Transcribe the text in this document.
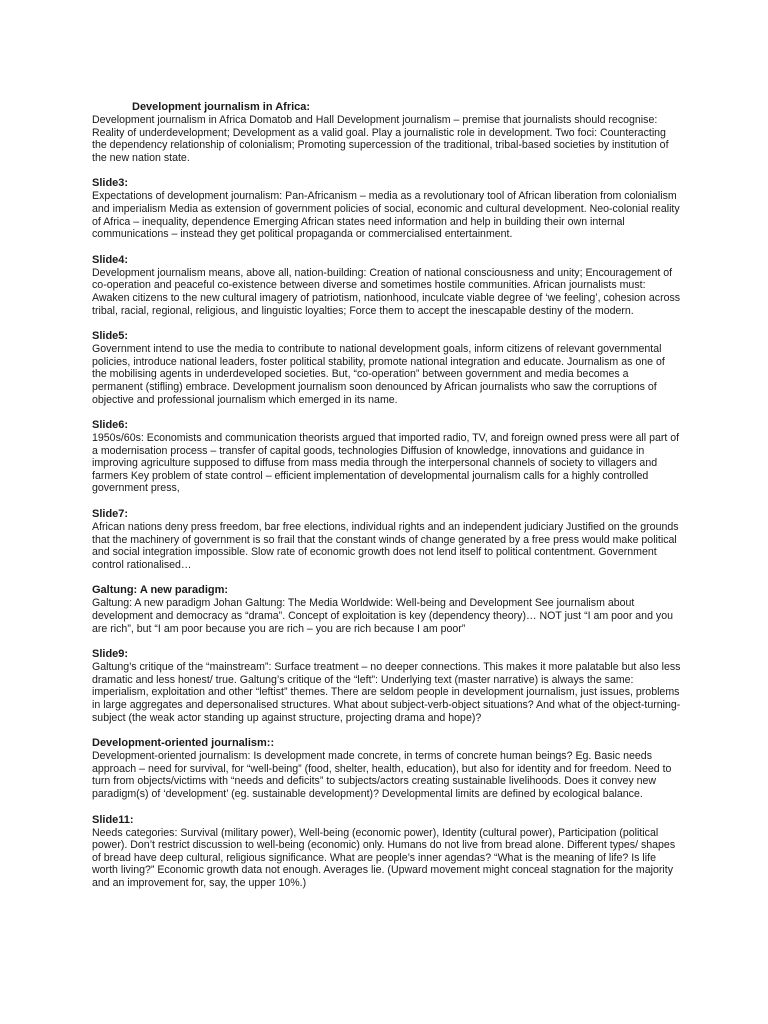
Development journalism in Africa:

Development journalism in Africa Domatob and Hall Development journalism – premise that journalists should recognise: Reality of underdevelopment; Development as a valid goal. Play a journalistic role in development. Two foci: Counteracting the dependency relationship of colonialism; Promoting supercession of the traditional, tribal-based societies by institution of the new nation state.

Slide3:

Expectations of development journalism: Pan-Africanism – media as a revolutionary tool of African liberation from colonialism and imperialism Media as extension of government policies of social, economic and cultural development. Neo-colonial reality of Africa – inequality, dependence Emerging African states need information and help in building their own internal communications – instead they get political propaganda or commercialised entertainment.

Slide4:

Development journalism means, above all, nation-building: Creation of national consciousness and unity; Encouragement of co-operation and peaceful co-existence between diverse and sometimes hostile communities. African journalists must: Awaken citizens to the new cultural imagery of patriotism, nationhood, inculcate viable degree of ‘we feeling’, cohesion across tribal, racial, regional, religious, and linguistic loyalties; Force them to accept the inescapable destiny of the modern.

Slide5:

Government intend to use the media to contribute to national development goals, inform citizens of relevant governmental policies, introduce national leaders, foster political stability, promote national integration and educate. Journalism as one of the mobilising agents in underdeveloped societies. But, “co-operation” between government and media becomes a permanent (stifling) embrace. Development journalism soon denounced by African journalists who saw the corruptions of objective and professional journalism which emerged in its name.

Slide6:

1950s/60s: Economists and communication theorists argued that imported radio, TV, and foreign owned press were all part of a modernisation process – transfer of capital goods, technologies Diffusion of knowledge, innovations and guidance in improving agriculture supposed to diffuse from mass media through the interpersonal channels of society to villagers and farmers Key problem of state control – efficient implementation of developmental journalism calls for a highly controlled government press,

Slide7:

African nations deny press freedom, bar free elections, individual rights and an independent judiciary Justified on the grounds that the machinery of government is so frail that the constant winds of change generated by a free press would make political and social integration impossible. Slow rate of economic growth does not lend itself to political contentment. Government control rationalised…

Galtung: A new paradigm:

Galtung: A new paradigm Johan Galtung: The Media Worldwide: Well-being and Development See journalism about development and democracy as “drama”. Concept of exploitation is key (dependency theory)… NOT just “I am poor and you are rich”, but “I am poor because you are rich – you are rich because I am poor”

Slide9:

Galtung’s critique of the “mainstream”: Surface treatment – no deeper connections. This makes it more palatable but also less dramatic and less honest/ true. Galtung’s critique of the “left”: Underlying text (master narrative) is always the same: imperialism, exploitation and other “leftist” themes. There are seldom people in development journalism, just issues, problems in large aggregates and depersonalised structures. What about subject-verb-object situations? And what of the object-turning-subject (the weak actor standing up against structure, projecting drama and hope)?

Development-oriented journalism::

Development-oriented journalism: Is development made concrete, in terms of concrete human beings? Eg. Basic needs approach – need for survival, for “well-being” (food, shelter, health, education), but also for identity and for freedom. Need to turn from objects/victims with “needs and deficits” to subjects/actors creating sustainable livelihoods. Does it convey new paradigm(s) of ‘development’ (eg. sustainable development)? Developmental limits are defined by ecological balance.

Slide11:

Needs categories: Survival (military power), Well-being (economic power), Identity (cultural power), Participation (political power). Don’t restrict discussion to well-being (economic) only. Humans do not live from bread alone. Different types/ shapes of bread have deep cultural, religious significance. What are people’s inner agendas? “What is the meaning of life? Is life worth living?” Economic growth data not enough. Averages lie. (Upward movement might conceal stagnation for the majority and an improvement for, say, the upper 10%.)
